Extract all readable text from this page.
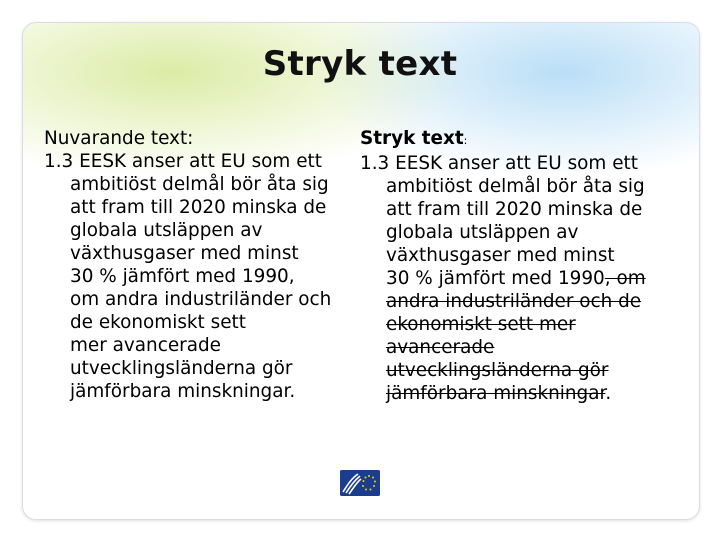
Stryk text
Nuvarande text:
1.3 EESK anser att EU som ett
ambitiöst delmål bör åta sig
att fram till 2020 minska de
globala utsläppen av
växthusgaser med minst
30 % jämfört med 1990,
om andra industriländer och
de ekonomiskt sett
mer avancerade
utvecklingsländerna gör
jämförbara minskningar.
Stryk text:
1.3 EESK anser att EU som ett
ambitiöst delmål bör åta sig
att fram till 2020 minska de
globala utsläppen av
växthusgaser med minst
30 % jämfört med 1990, om
andra industriländer och de
ekonomiskt sett mer
avancerade
utvecklingsländerna gör
jämförbara minskningar.
